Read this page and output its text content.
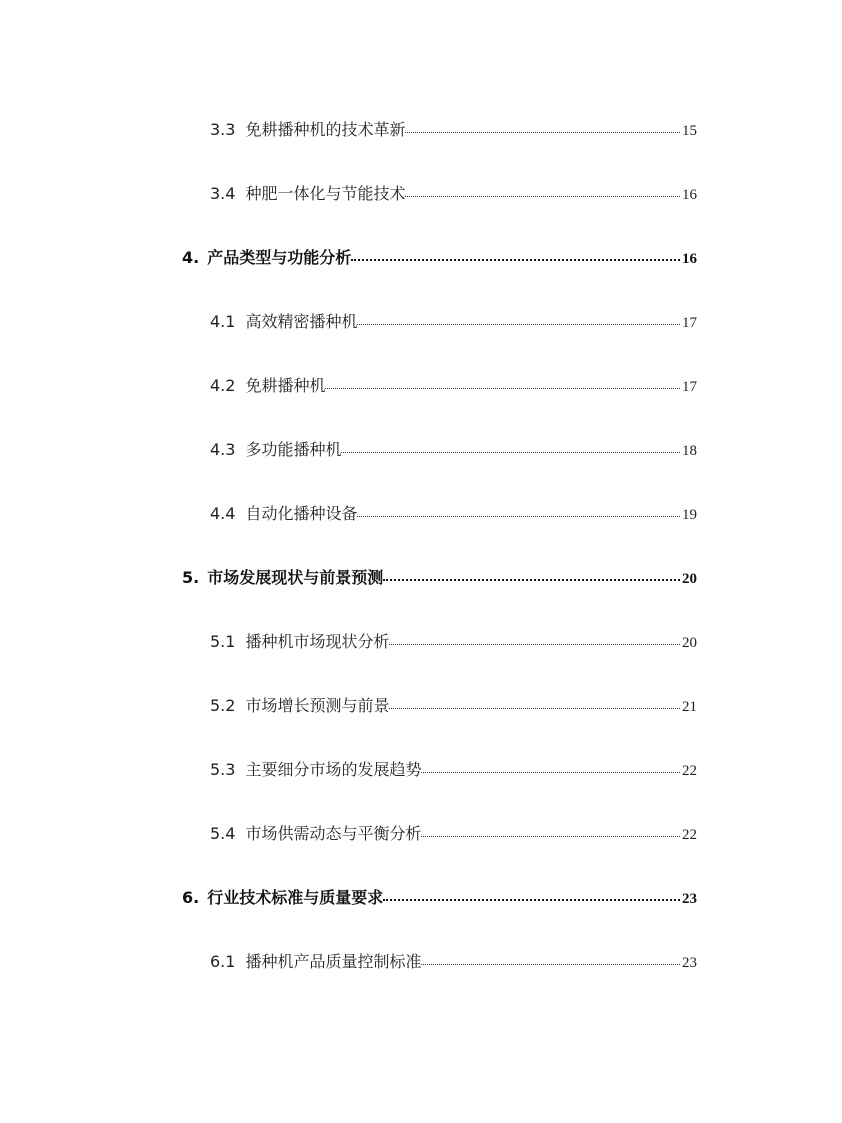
3.3 免耕播种机的技术革新	15
3.4 种肥一体化与节能技术	16
4. 产品类型与功能分析	16
4.1 高效精密播种机	17
4.2 免耕播种机	17
4.3 多功能播种机	18
4.4 自动化播种设备	19
5. 市场发展现状与前景预测	20
5.1 播种机市场现状分析	20
5.2 市场增长预测与前景	21
5.3 主要细分市场的发展趋势	22
5.4 市场供需动态与平衡分析	22
6. 行业技术标准与质量要求	23
6.1 播种机产品质量控制标准	23
